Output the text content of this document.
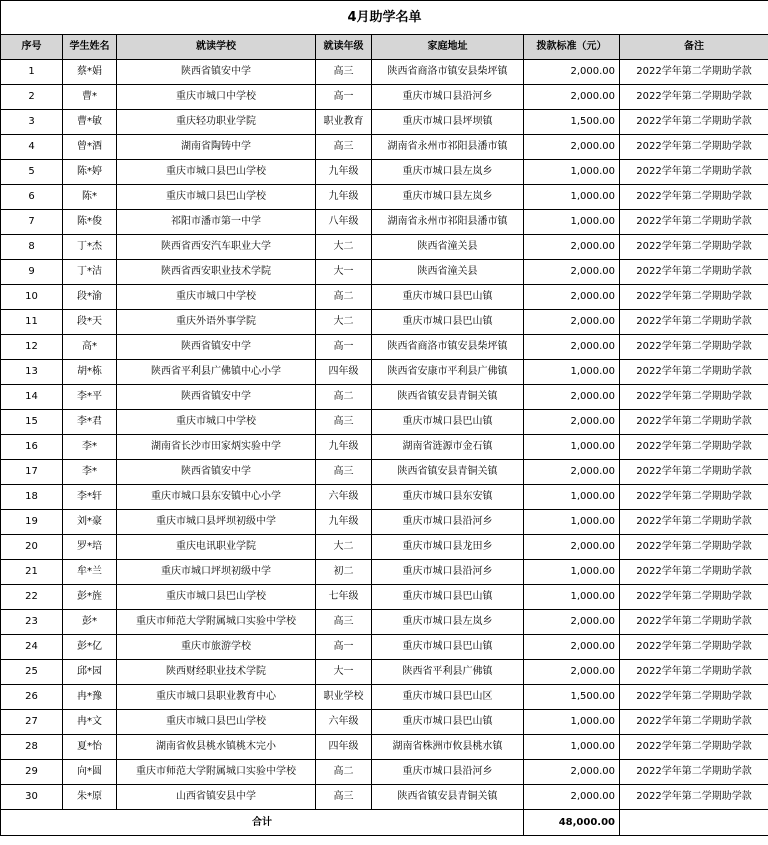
4月助学名单						
序号	学生姓名	就读学校	就读年级	家庭地址	拨款标准（元）	备注
1	蔡*娟	陕西省镇安中学	高三	陕西省商洛市镇安县柴坪镇	2,000.00	2022学年第二学期助学款
2	曹*	重庆市城口中学校	高一	重庆市城口县沿河乡	2,000.00	2022学年第二学期助学款
3	曹*敏	重庆轻功职业学院	职业教育	重庆市城口县坪坝镇	1,500.00	2022学年第二学期助学款
4	曾*酒	湖南省陶铸中学	高三	湖南省永州市祁阳县潘市镇	2,000.00	2022学年第二学期助学款
5	陈*婷	重庆市城口县巴山学校	九年级	重庆市城口县左岚乡	1,000.00	2022学年第二学期助学款
6	陈*	重庆市城口县巴山学校	九年级	重庆市城口县左岚乡	1,000.00	2022学年第二学期助学款
7	陈*俊	祁阳市潘市第一中学	八年级	湖南省永州市祁阳县潘市镇	1,000.00	2022学年第二学期助学款
8	丁*杰	陕西省西安汽车职业大学	大二	陕西省潼关县	2,000.00	2022学年第二学期助学款
9	丁*洁	陕西省西安职业技术学院	大一	陕西省潼关县	2,000.00	2022学年第二学期助学款
10	段*渝	重庆市城口中学校	高二	重庆市城口县巴山镇	2,000.00	2022学年第二学期助学款
11	段*天	重庆外语外事学院	大二	重庆市城口县巴山镇	2,000.00	2022学年第二学期助学款
12	高*	陕西省镇安中学	高一	陕西省商洛市镇安县柴坪镇	2,000.00	2022学年第二学期助学款
13	胡*栋	陕西省平利县广佛镇中心小学	四年级	陕西省安康市平利县广佛镇	1,000.00	2022学年第二学期助学款
14	李*平	陕西省镇安中学	高二	陕西省镇安县青铜关镇	2,000.00	2022学年第二学期助学款
15	李*君	重庆市城口中学校	高三	重庆市城口县巴山镇	2,000.00	2022学年第二学期助学款
16	李*	湖南省长沙市田家炳实验中学	九年级	湖南省涟源市金石镇	1,000.00	2022学年第二学期助学款
17	李*	陕西省镇安中学	高三	陕西省镇安县青铜关镇	2,000.00	2022学年第二学期助学款
18	李*轩	重庆市城口县东安镇中心小学	六年级	重庆市城口县东安镇	1,000.00	2022学年第二学期助学款
19	刘*豪	重庆市城口县坪坝初级中学	九年级	重庆市城口县沿河乡	1,000.00	2022学年第二学期助学款
20	罗*培	重庆电讯职业学院	大二	重庆市城口县龙田乡	2,000.00	2022学年第二学期助学款
21	牟*兰	重庆市城口坪坝初级中学	初二	重庆市城口县沿河乡	1,000.00	2022学年第二学期助学款
22	彭*旌	重庆市城口县巴山学校	七年级	重庆市城口县巴山镇	1,000.00	2022学年第二学期助学款
23	彭*	重庆市师范大学附属城口实验中学校	高三	重庆市城口县左岚乡	2,000.00	2022学年第二学期助学款
24	彭*亿	重庆市旅游学校	高一	重庆市城口县巴山镇	2,000.00	2022学年第二学期助学款
25	邱*园	陕西财经职业技术学院	大一	陕西省平利县广佛镇	2,000.00	2022学年第二学期助学款
26	冉*豫	重庆市城口县职业教育中心	职业学校	重庆市城口县巴山区	1,500.00	2022学年第二学期助学款
27	冉*文	重庆市城口县巴山学校	六年级	重庆市城口县巴山镇	1,000.00	2022学年第二学期助学款
28	夏*怡	湖南省攸县桃水镇桃木完小	四年级	湖南省株洲市攸县桃水镇	1,000.00	2022学年第二学期助学款
29	向*圆	重庆市师范大学附属城口实验中学校	高二	重庆市城口县沿河乡	2,000.00	2022学年第二学期助学款
30	朱*原	山西省镇安县中学	高三	陕西省镇安县青铜关镇	2,000.00	2022学年第二学期助学款
合计					48,000.00	
